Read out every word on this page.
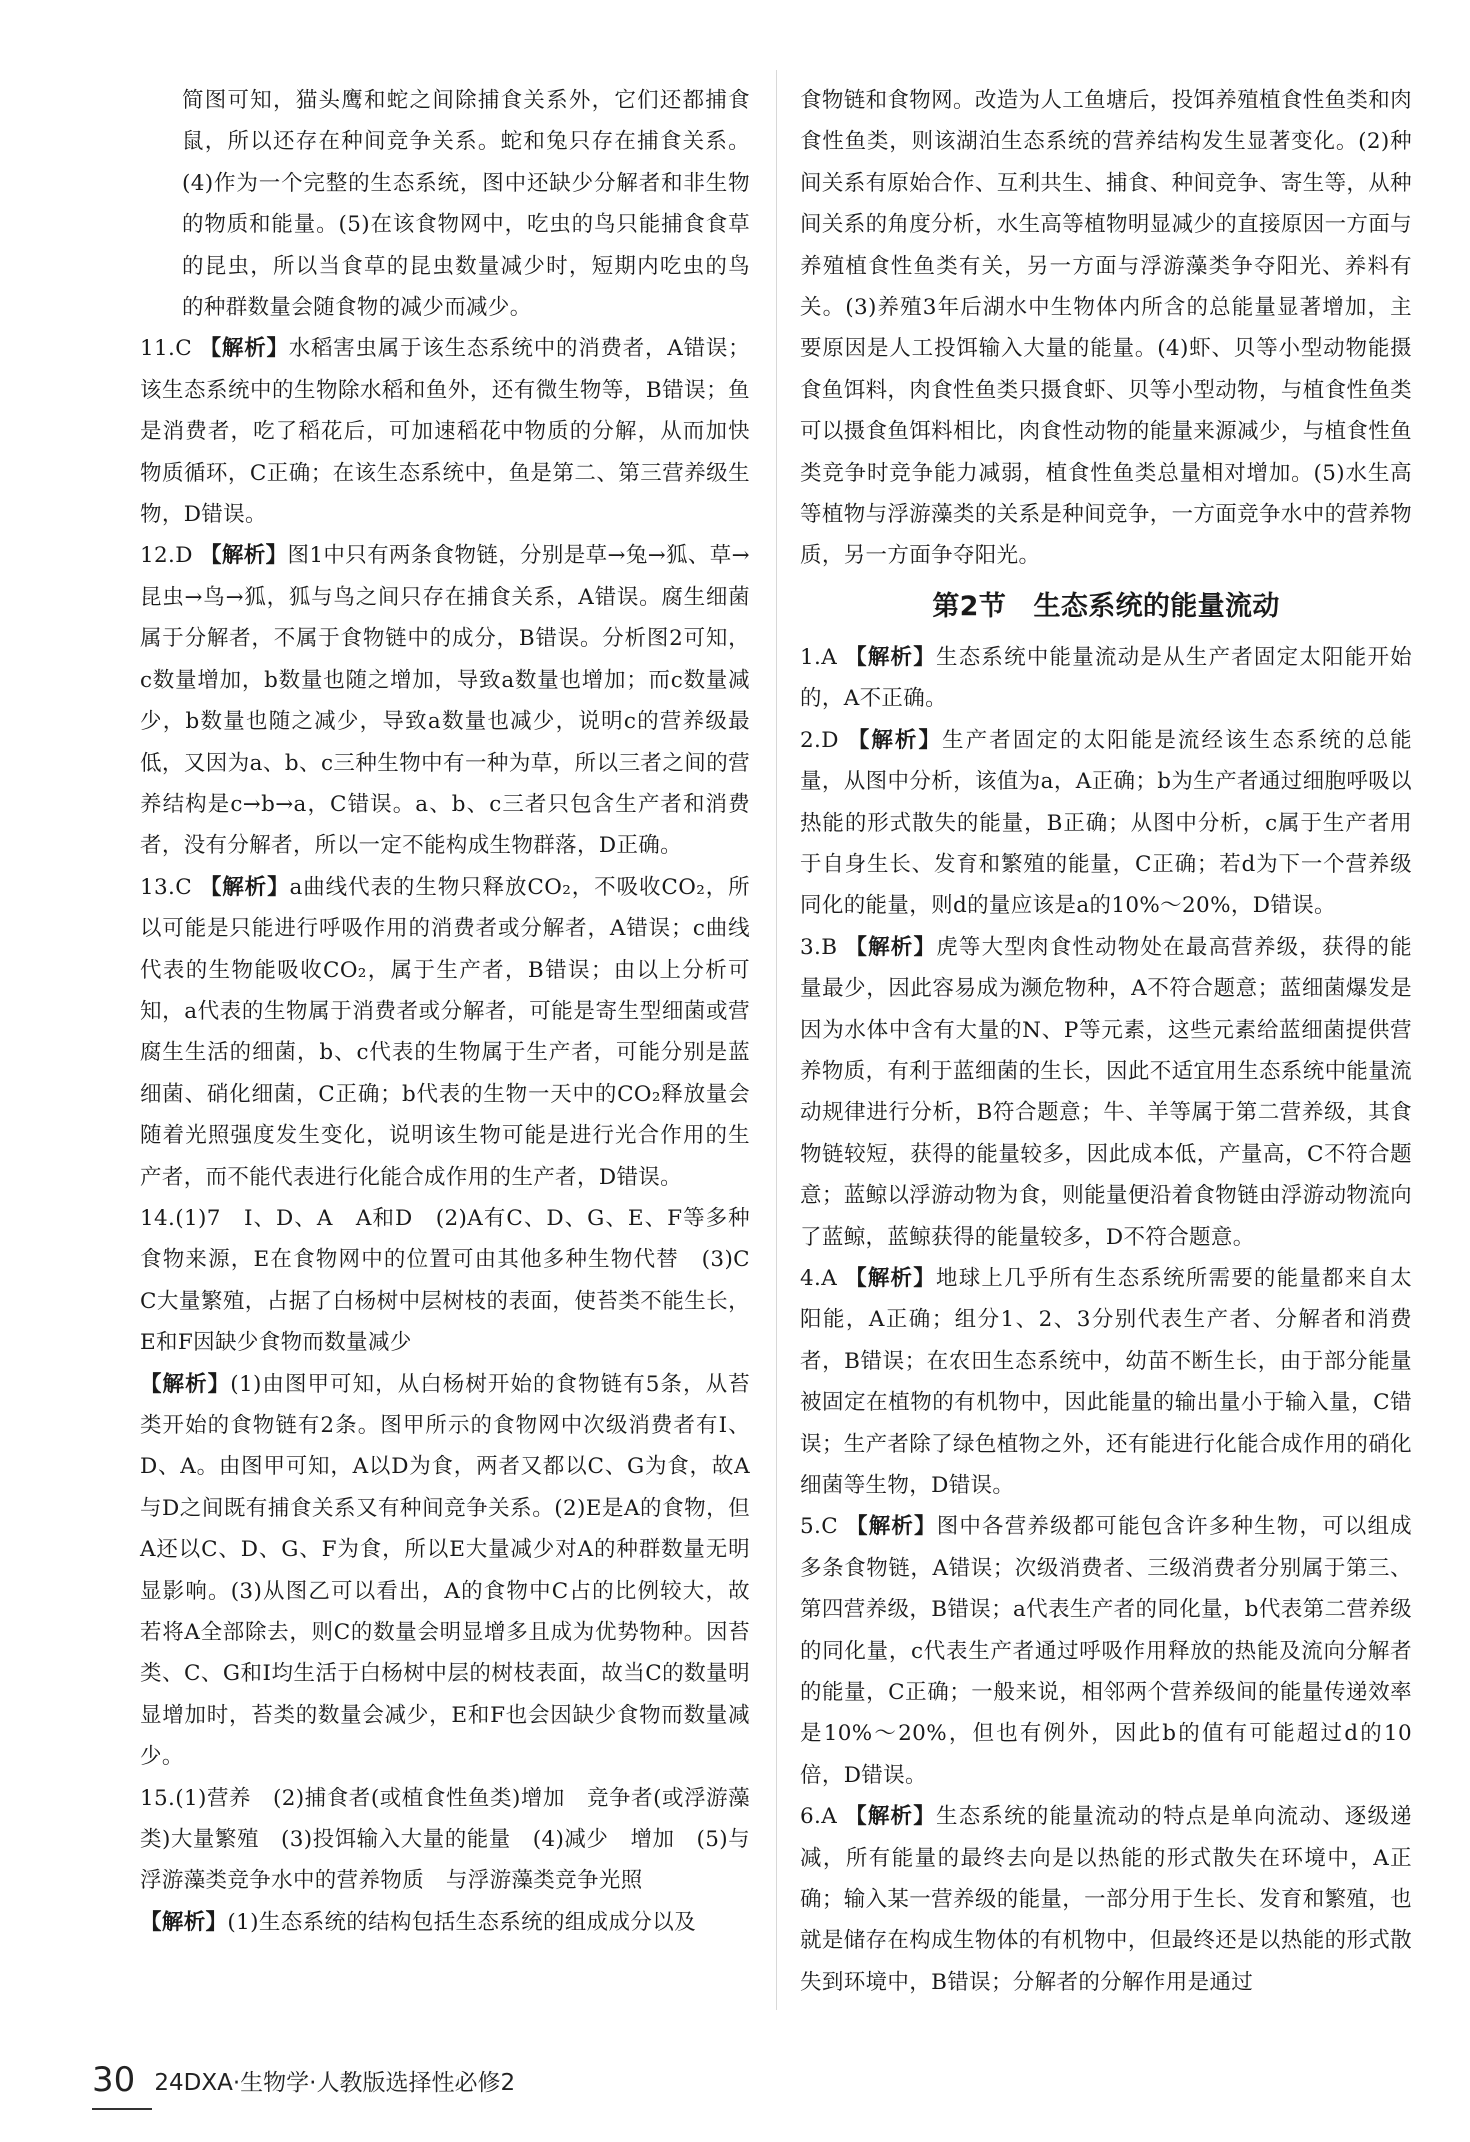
简图可知，猫头鹰和蛇之间除捕食关系外，它们还都捕食鼠，所以还存在种间竞争关系。蛇和兔只存在捕食关系。(4)作为一个完整的生态系统，图中还缺少分解者和非生物的物质和能量。(5)在该食物网中，吃虫的鸟只能捕食食草的昆虫，所以当食草的昆虫数量减少时，短期内吃虫的鸟的种群数量会随食物的减少而减少。

11.C 【解析】水稻害虫属于该生态系统中的消费者，A错误；该生态系统中的生物除水稻和鱼外，还有微生物等，B错误；鱼是消费者，吃了稻花后，可加速稻花中物质的分解，从而加快物质循环，C正确；在该生态系统中，鱼是第二、第三营养级生物，D错误。

12.D 【解析】图1中只有两条食物链，分别是草→兔→狐、草→昆虫→鸟→狐，狐与鸟之间只存在捕食关系，A错误。腐生细菌属于分解者，不属于食物链中的成分，B错误。分析图2可知，c数量增加，b数量也随之增加，导致a数量也增加；而c数量减少，b数量也随之减少，导致a数量也减少，说明c的营养级最低，又因为a、b、c三种生物中有一种为草，所以三者之间的营养结构是c→b→a，C错误。a、b、c三者只包含生产者和消费者，没有分解者，所以一定不能构成生物群落，D正确。

13.C 【解析】a曲线代表的生物只释放CO₂，不吸收CO₂，所以可能是只能进行呼吸作用的消费者或分解者，A错误；c曲线代表的生物能吸收CO₂，属于生产者，B错误；由以上分析可知，a代表的生物属于消费者或分解者，可能是寄生型细菌或营腐生生活的细菌，b、c代表的生物属于生产者，可能分别是蓝细菌、硝化细菌，C正确；b代表的生物一天中的CO₂释放量会随着光照强度发生变化，说明该生物可能是进行光合作用的生产者，而不能代表进行化能合成作用的生产者，D错误。

14.(1)7　I、D、A　A和D　(2)A有C、D、G、E、F等多种食物来源，E在食物网中的位置可由其他多种生物代替　(3)C　C大量繁殖，占据了白杨树中层树枝的表面，使苔类不能生长，E和F因缺少食物而数量减少

【解析】(1)由图甲可知，从白杨树开始的食物链有5条，从苔类开始的食物链有2条。图甲所示的食物网中次级消费者有I、D、A。由图甲可知，A以D为食，两者又都以C、G为食，故A与D之间既有捕食关系又有种间竞争关系。(2)E是A的食物，但A还以C、D、G、F为食，所以E大量减少对A的种群数量无明显影响。(3)从图乙可以看出，A的食物中C占的比例较大，故若将A全部除去，则C的数量会明显增多且成为优势物种。因苔类、C、G和I均生活于白杨树中层的树枝表面，故当C的数量明显增加时，苔类的数量会减少，E和F也会因缺少食物而数量减少。

15.(1)营养　(2)捕食者(或植食性鱼类)增加　竞争者(或浮游藻类)大量繁殖　(3)投饵输入大量的能量　(4)减少　增加　(5)与浮游藻类竞争水中的营养物质　与浮游藻类竞争光照

【解析】(1)生态系统的结构包括生态系统的组成成分以及

食物链和食物网。改造为人工鱼塘后，投饵养殖植食性鱼类和肉食性鱼类，则该湖泊生态系统的营养结构发生显著变化。(2)种间关系有原始合作、互利共生、捕食、种间竞争、寄生等，从种间关系的角度分析，水生高等植物明显减少的直接原因一方面与养殖植食性鱼类有关，另一方面与浮游藻类争夺阳光、养料有关。(3)养殖3年后湖水中生物体内所含的总能量显著增加，主要原因是人工投饵输入大量的能量。(4)虾、贝等小型动物能摄食鱼饵料，肉食性鱼类只摄食虾、贝等小型动物，与植食性鱼类可以摄食鱼饵料相比，肉食性动物的能量来源减少，与植食性鱼类竞争时竞争能力减弱，植食性鱼类总量相对增加。(5)水生高等植物与浮游藻类的关系是种间竞争，一方面竞争水中的营养物质，另一方面争夺阳光。

第2节　生态系统的能量流动

1.A 【解析】生态系统中能量流动是从生产者固定太阳能开始的，A不正确。

2.D 【解析】生产者固定的太阳能是流经该生态系统的总能量，从图中分析，该值为a，A正确；b为生产者通过细胞呼吸以热能的形式散失的能量，B正确；从图中分析，c属于生产者用于自身生长、发育和繁殖的能量，C正确；若d为下一个营养级同化的能量，则d的量应该是a的10%～20%，D错误。

3.B 【解析】虎等大型肉食性动物处在最高营养级，获得的能量最少，因此容易成为濒危物种，A不符合题意；蓝细菌爆发是因为水体中含有大量的N、P等元素，这些元素给蓝细菌提供营养物质，有利于蓝细菌的生长，因此不适宜用生态系统中能量流动规律进行分析，B符合题意；牛、羊等属于第二营养级，其食物链较短，获得的能量较多，因此成本低，产量高，C不符合题意；蓝鲸以浮游动物为食，则能量便沿着食物链由浮游动物流向了蓝鲸，蓝鲸获得的能量较多，D不符合题意。

4.A 【解析】地球上几乎所有生态系统所需要的能量都来自太阳能，A正确；组分1、2、3分别代表生产者、分解者和消费者，B错误；在农田生态系统中，幼苗不断生长，由于部分能量被固定在植物的有机物中，因此能量的输出量小于输入量，C错误；生产者除了绿色植物之外，还有能进行化能合成作用的硝化细菌等生物，D错误。

5.C 【解析】图中各营养级都可能包含许多种生物，可以组成多条食物链，A错误；次级消费者、三级消费者分别属于第三、第四营养级，B错误；a代表生产者的同化量，b代表第二营养级的同化量，c代表生产者通过呼吸作用释放的热能及流向分解者的能量，C正确；一般来说，相邻两个营养级间的能量传递效率是10%～20%，但也有例外，因此b的值有可能超过d的10倍，D错误。

6.A 【解析】生态系统的能量流动的特点是单向流动、逐级递减，所有能量的最终去向是以热能的形式散失在环境中，A正确；输入某一营养级的能量，一部分用于生长、发育和繁殖，也就是储存在构成生物体的有机物中，但最终还是以热能的形式散失到环境中，B错误；分解者的分解作用是通过

30 24DXA·生物学·人教版选择性必修2
